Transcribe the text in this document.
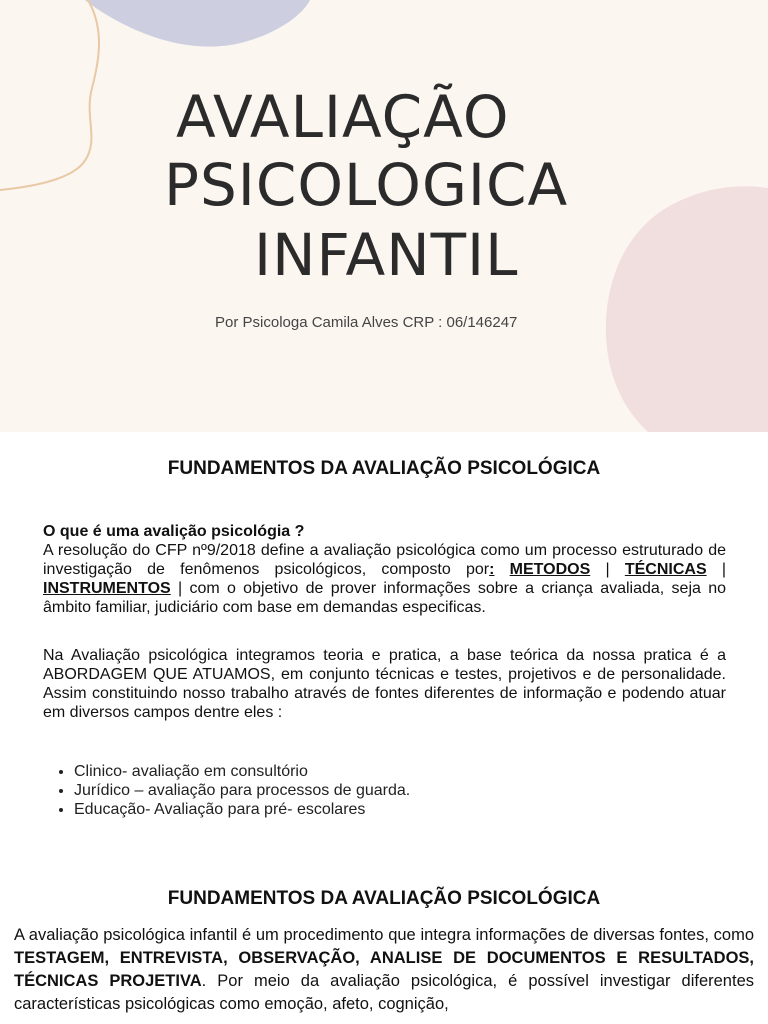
AVALIAÇÃO
PSICOLOGICA
INFANTIL
Por Psicologa Camila Alves CRP : 06/146247
FUNDAMENTOS DA AVALIAÇÃO PSICOLÓGICA

O que é uma avalição psicológia ?

A resolução do CFP nº9/2018 define a avaliação psicológica como um processo estruturado de investigação de fenômenos psicológicos, composto por: METODOS | TÉCNICAS | INSTRUMENTOS | com o objetivo de prover informações sobre a criança avaliada, seja no âmbito familiar, judiciário com base em demandas especificas.

Na Avaliação psicológica integramos teoria e pratica, a base teórica da nossa pratica é a ABORDAGEM QUE ATUAMOS, em conjunto técnicas e testes, projetivos e de personalidade. Assim constituindo nosso trabalho através de fontes diferentes de informação e podendo atuar em diversos campos dentre eles :
• Clinico- avaliação em consultório
• Jurídico – avaliação para processos de guarda.
• Educação- Avaliação para pré- escolares
FUNDAMENTOS DA AVALIAÇÃO PSICOLÓGICA
A avaliação psicológica infantil é um procedimento que integra informações de diversas fontes, como TESTAGEM, ENTREVISTA, OBSERVAÇÃO, ANALISE DE DOCUMENTOS E RESULTADOS, TÉCNICAS PROJETIVA. Por meio da avaliação psicológica, é possível investigar diferentes características psicológicas como emoção, afeto, cognição,
